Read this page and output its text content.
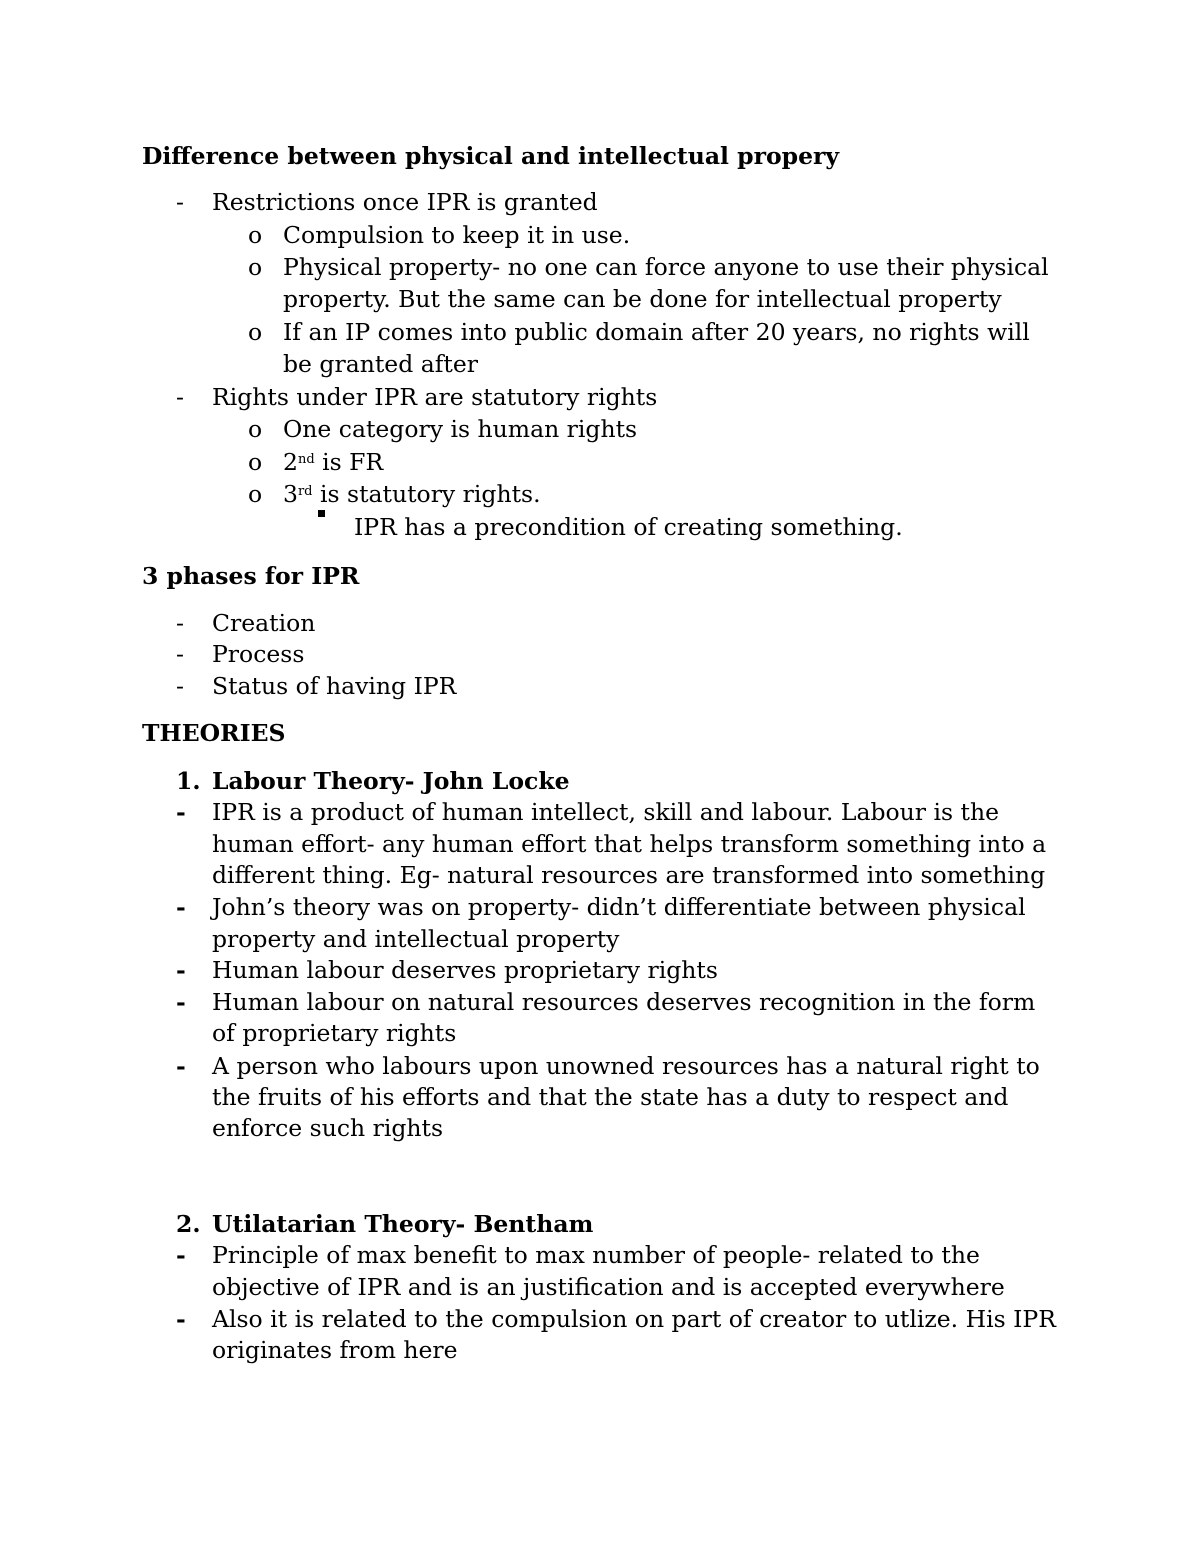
Difference between physical and intellectual propery
- Restrictions once IPR is granted
o Compulsion to keep it in use.
o Physical property- no one can force anyone to use their physical
property. But the same can be done for intellectual property
o If an IP comes into public domain after 20 years, no rights will
be granted after
- Rights under IPR are statutory rights
o One category is human rights
o 2nd is FR
o 3rd is statutory rights.
IPR has a precondition of creating something.
3 phases for IPR
- Creation
- Process
- Status of having IPR
THEORIES
1. Labour Theory- John Locke
- IPR is a product of human intellect, skill and labour. Labour is the
human effort- any human effort that helps transform something into a
different thing. Eg- natural resources are transformed into something
- John’s theory was on property- didn’t differentiate between physical
property and intellectual property
- Human labour deserves proprietary rights
- Human labour on natural resources deserves recognition in the form
of proprietary rights
- A person who labours upon unowned resources has a natural right to
the fruits of his efforts and that the state has a duty to respect and
enforce such rights
2. Utilatarian Theory- Bentham
- Principle of max benefit to max number of people- related to the
objective of IPR and is an justification and is accepted everywhere
- Also it is related to the compulsion on part of creator to utlize. His IPR
originates from here
